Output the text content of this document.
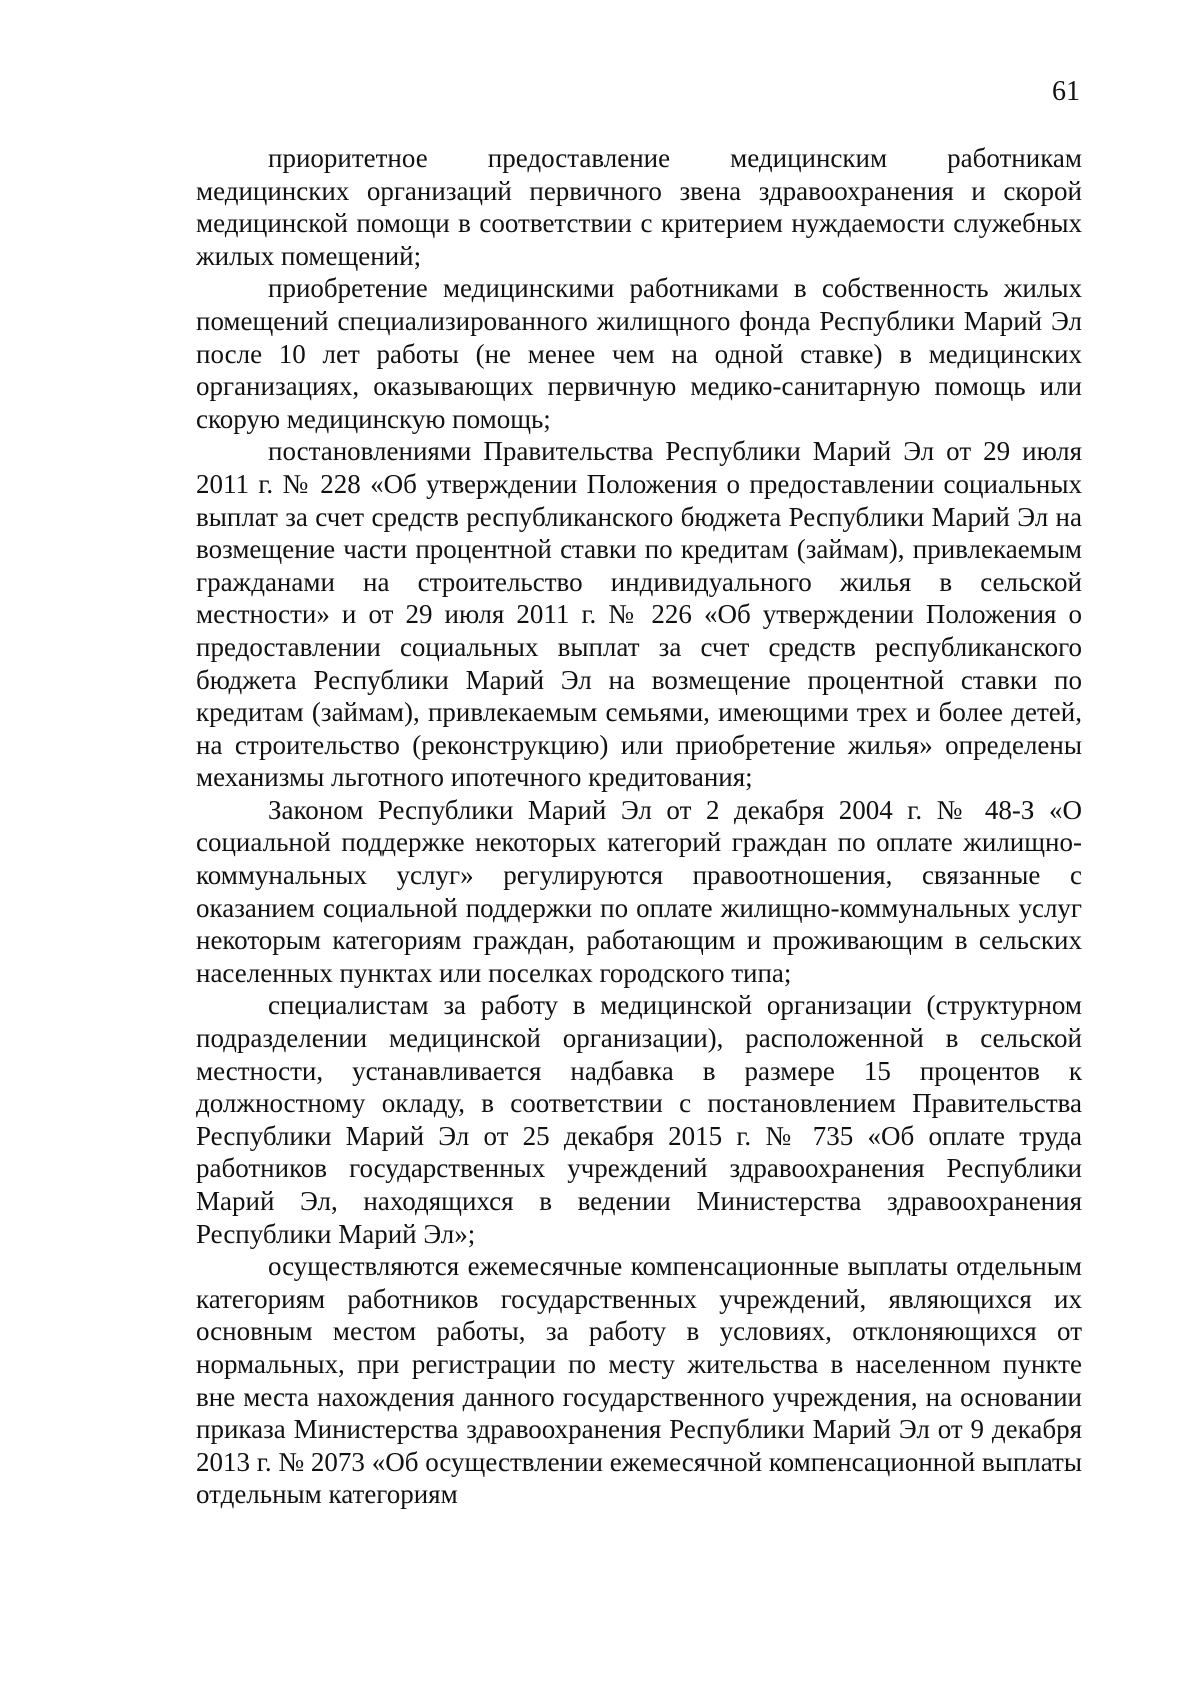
61

приоритетное предоставление медицинским работникам медицинских организаций первичного звена здравоохранения и скорой медицинской помощи в соответствии с критерием нуждаемости служебных жилых помещений;

приобретение медицинскими работниками в собственность жилых помещений специализированного жилищного фонда Республики Марий Эл после 10 лет работы (не менее чем на одной ставке) в медицинских организациях, оказывающих первичную медико-санитарную помощь или скорую медицинскую помощь;

постановлениями Правительства Республики Марий Эл от 29 июля 2011 г. № 228 «Об утверждении Положения о предоставлении социальных выплат за счет средств республиканского бюджета Республики Марий Эл на возмещение части процентной ставки по кредитам (займам), привлекаемым гражданами на строительство индивидуального жилья в сельской местности» и от 29 июля 2011 г. № 226 «Об утверждении Положения о предоставлении социальных выплат за счет средств республиканского бюджета Республики Марий Эл на возмещение процентной ставки по кредитам (займам), привлекаемым семьями, имеющими трех и более детей, на строительство (реконструкцию) или приобретение жилья» определены механизмы льготного ипотечного кредитования;

Законом Республики Марий Эл от 2 декабря 2004 г. № 48-З «О социальной поддержке некоторых категорий граждан по оплате жилищно-коммунальных услуг» регулируются правоотношения, связанные с оказанием социальной поддержки по оплате жилищно-коммунальных услуг некоторым категориям граждан, работающим и проживающим в сельских населенных пунктах или поселках городского типа;

специалистам за работу в медицинской организации (структурном подразделении медицинской организации), расположенной в сельской местности, устанавливается надбавка в размере 15 процентов к должностному окладу, в соответствии с постановлением Правительства Республики Марий Эл от 25 декабря 2015 г. № 735 «Об оплате труда работников государственных учреждений здравоохранения Республики Марий Эл, находящихся в ведении Министерства здравоохранения Республики Марий Эл»;

осуществляются ежемесячные компенсационные выплаты отдельным категориям работников государственных учреждений, являющихся их основным местом работы, за работу в условиях, отклоняющихся от нормальных, при регистрации по месту жительства в населенном пункте вне места нахождения данного государственного учреждения, на основании приказа Министерства здравоохранения Республики Марий Эл от 9 декабря 2013 г. № 2073 «Об осуществлении ежемесячной компенсационной выплаты отдельным категориям
